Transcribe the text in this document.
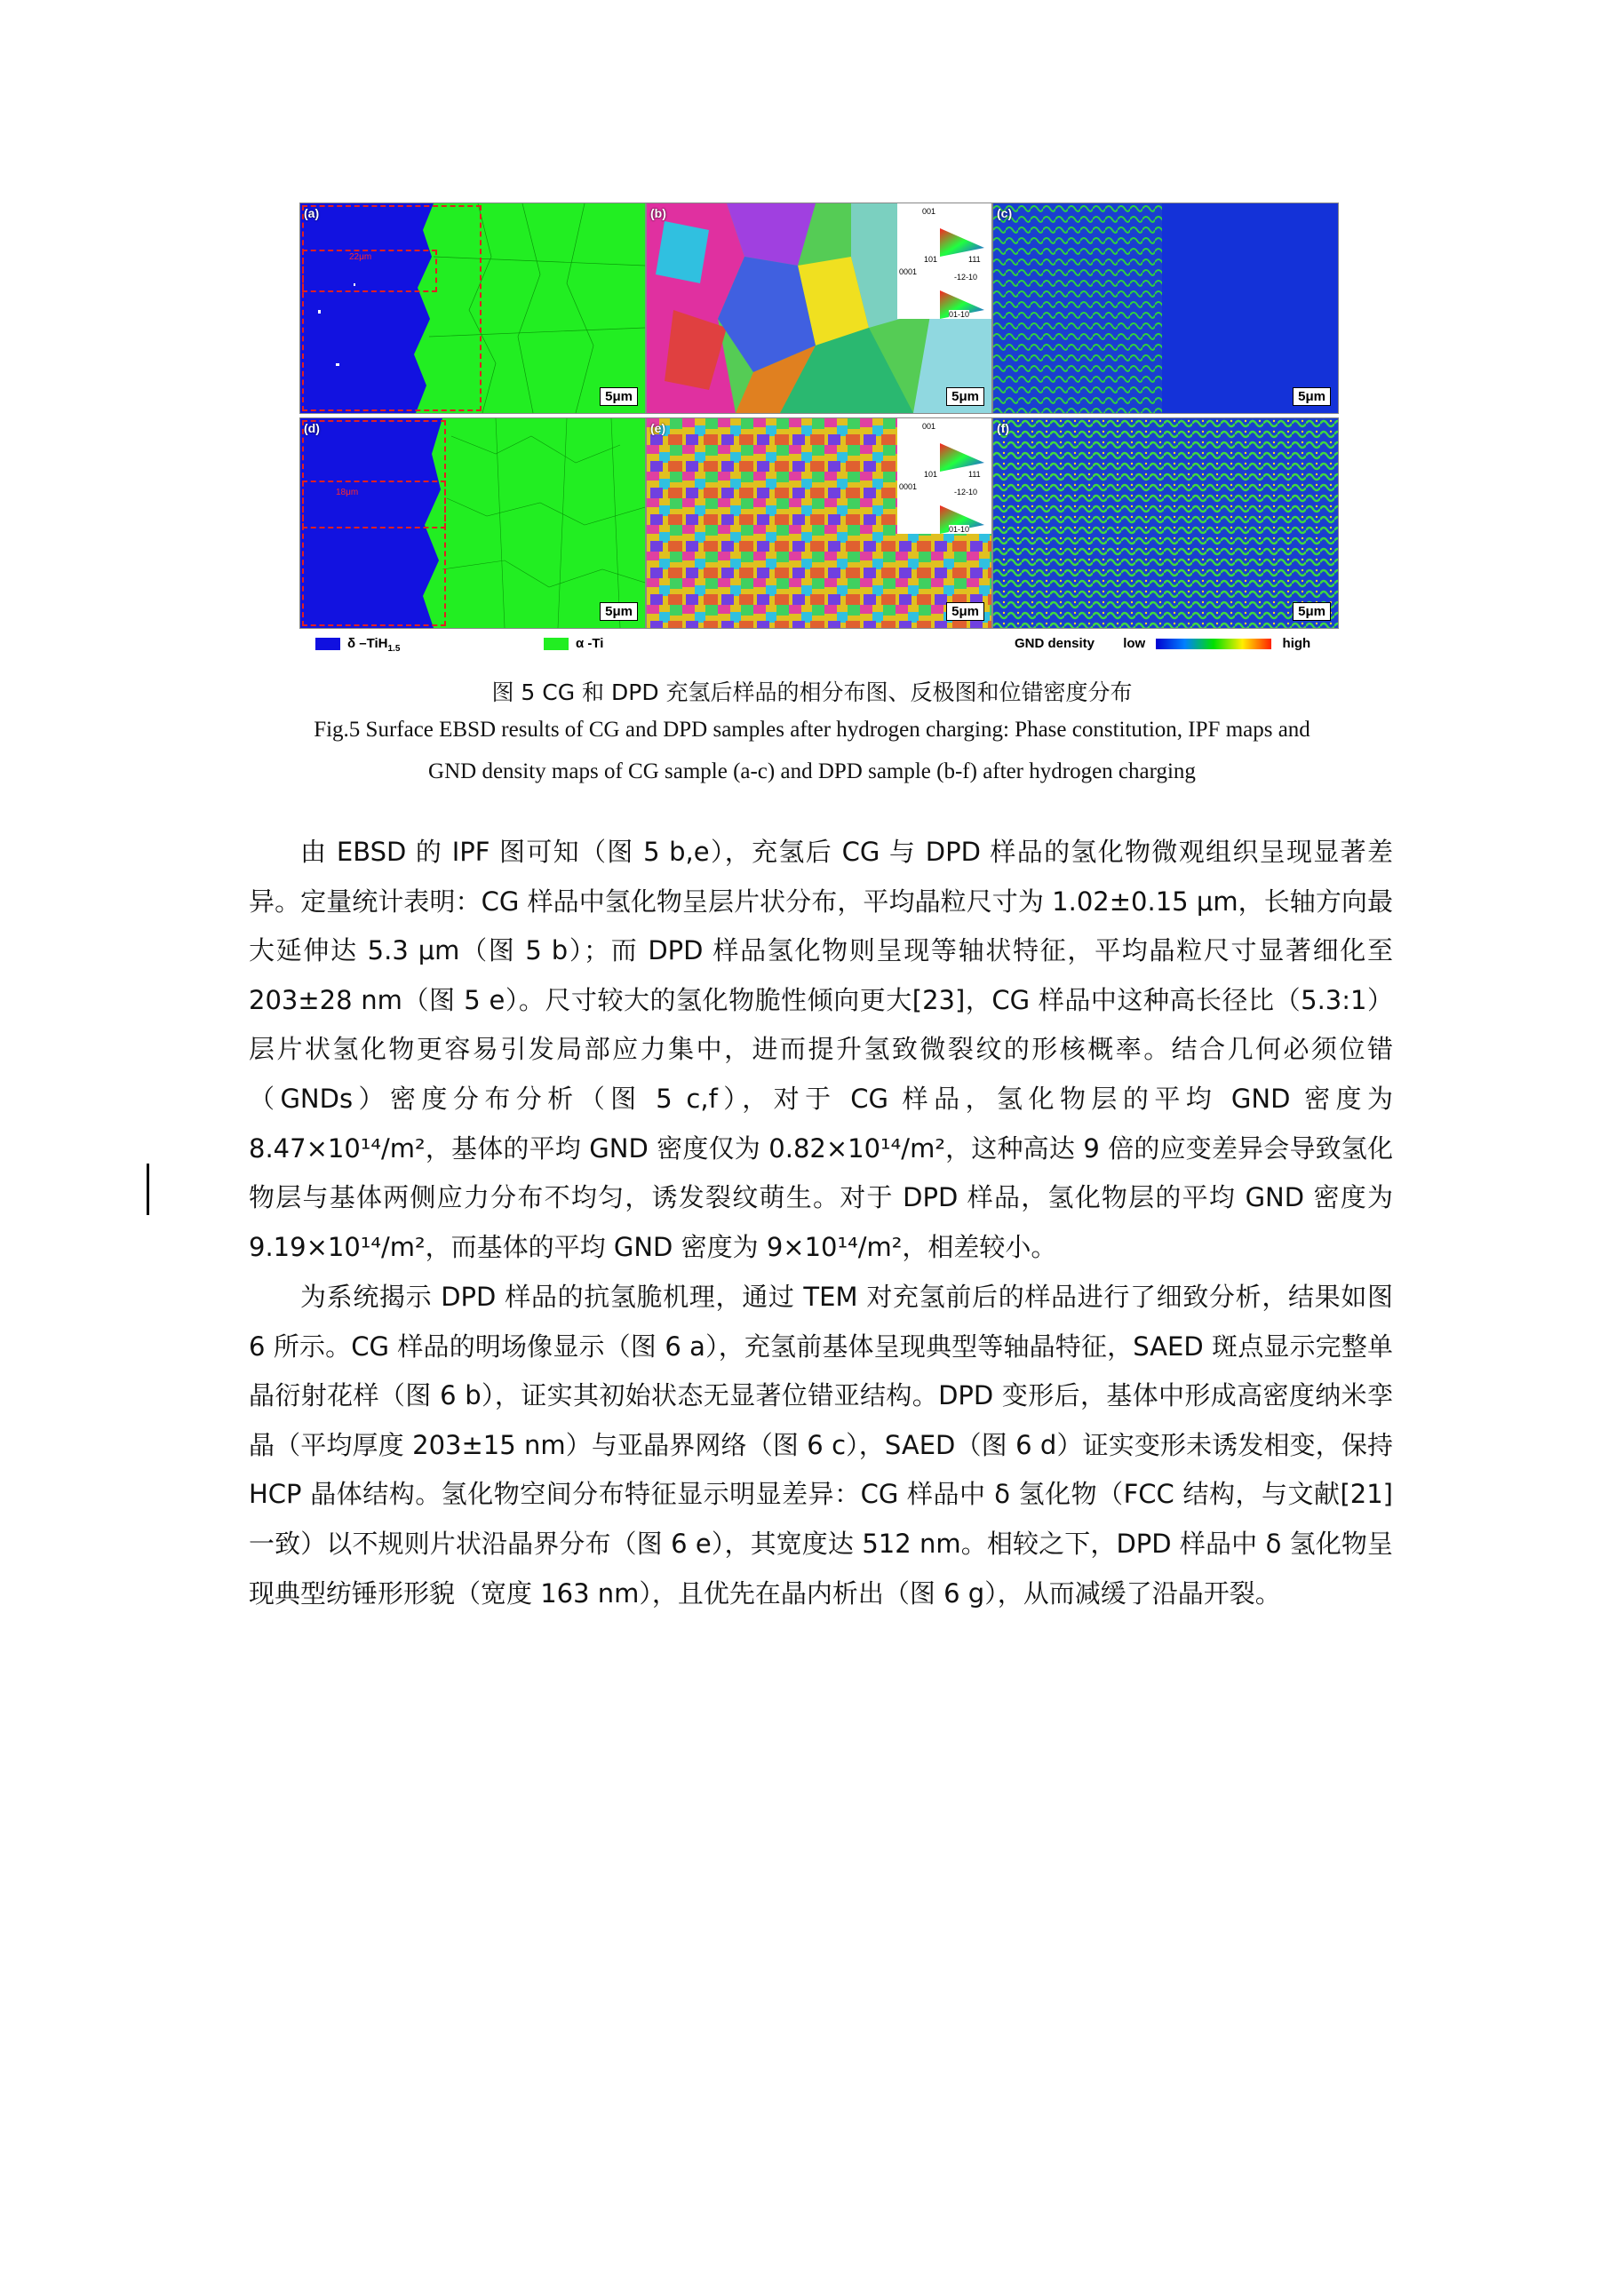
22μm
(a)
5μm
001
101	111
0001
-12-10
01-10
(b)
5μm
(c)
5μm
18μm
(d)
5μm
001
101	111
0001
-12-10
01-10
(e)
5μm
(f)
5μm
δ –TiH$_{1.5}$	α -Ti	GND density low	high
图 5 CG 和 DPD 充氢后样品的相分布图、反极图和位错密度分布
Fig.5 Surface EBSD results of CG and DPD samples after hydrogen charging: Phase constitution, IPF maps and
GND density maps of CG sample (a-c) and DPD sample (b-f) after hydrogen charging
由 EBSD 的 IPF 图可知（图 5 b,e），充氢后 CG 与 DPD 样品的氢化物微观组织呈现显著差异。定量统计表明：CG 样品中氢化物呈层片状分布，平均晶粒尺寸为 1.02±0.15 μm，长轴方向最大延伸达 5.3 μm（图 5 b）；而 DPD 样品氢化物则呈现等轴状特征，平均晶粒尺寸显著细化至 203±28 nm（图 5 e）。尺寸较大的氢化物脆性倾向更大[23]，CG 样品中这种高长径比（5.3:1）层片状氢化物更容易引发局部应力集中，进而提升氢致微裂纹的形核概率。结合几何必须位错（GNDs）密度分布分析（图 5 c,f），对于 CG 样品，氢化物层的平均 GND 密度为 8.47×10¹⁴/m²，基体的平均 GND 密度仅为 0.82×10¹⁴/m²，这种高达 9 倍的应变差异会导致氢化物层与基体两侧应力分布不均匀，诱发裂纹萌生。对于 DPD 样品，氢化物层的平均 GND 密度为 9.19×10¹⁴/m²，而基体的平均 GND 密度为 9×10¹⁴/m²，相差较小。
为系统揭示 DPD 样品的抗氢脆机理，通过 TEM 对充氢前后的样品进行了细致分析，结果如图 6 所示。CG 样品的明场像显示（图 6 a），充氢前基体呈现典型等轴晶特征，SAED 斑点显示完整单晶衍射花样（图 6 b），证实其初始状态无显著位错亚结构。DPD 变形后，基体中形成高密度纳米孪晶（平均厚度 203±15 nm）与亚晶界网络（图 6 c），SAED（图 6 d）证实变形未诱发相变，保持 HCP 晶体结构。氢化物空间分布特征显示明显差异：CG 样品中 δ 氢化物（FCC 结构，与文献[21]一致）以不规则片状沿晶界分布（图 6 e），其宽度达 512 nm。相较之下，DPD 样品中 δ 氢化物呈现典型纺锤形形貌（宽度 163 nm），且优先在晶内析出（图 6 g），从而减缓了沿晶开裂。
